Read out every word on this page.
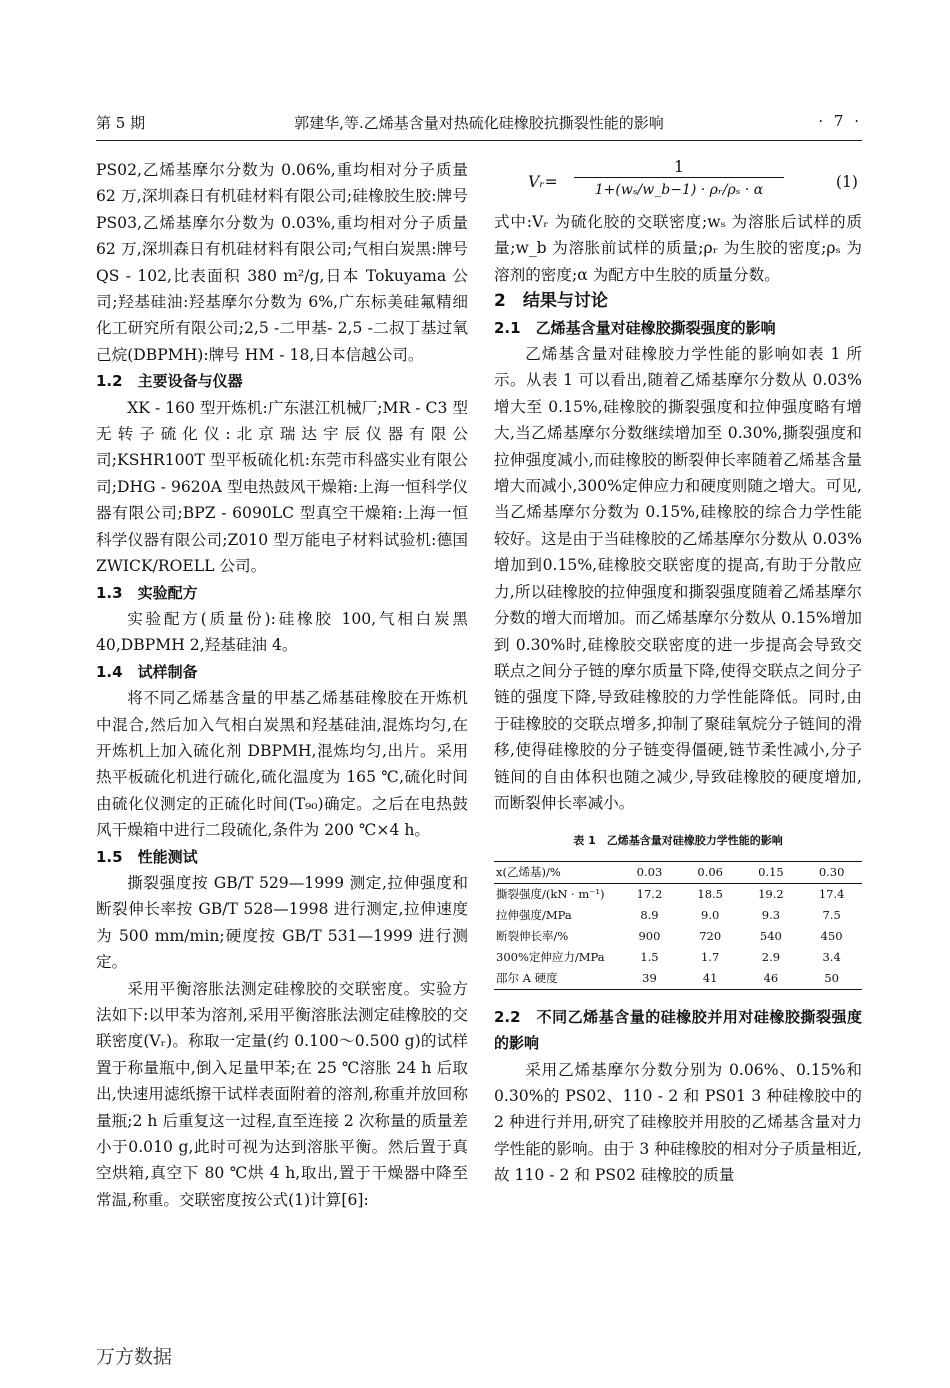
第 5 期	郭建华,等.乙烯基含量对热硫化硅橡胶抗撕裂性能的影响	· 7 ·

PS02,乙烯基摩尔分数为 0.06%,重均相对分子质量 62 万,深圳森日有机硅材料有限公司;硅橡胶生胶:牌号 PS03,乙烯基摩尔分数为 0.03%,重均相对分子质量 62 万,深圳森日有机硅材料有限公司;气相白炭黑:牌号 QS - 102,比表面积 380 m²/g,日本 Tokuyama 公司;羟基硅油:羟基摩尔分数为 6%,广东标美硅氟精细化工研究所有限公司;2,5 -二甲基- 2,5 -二叔丁基过氧己烷(DBPMH):牌号 HM - 18,日本信越公司。

1.2　主要设备与仪器

XK - 160 型开炼机:广东湛江机械厂;MR - C3 型无转子硫化仪:北京瑞达宇辰仪器有限公司;KSHR100T 型平板硫化机:东莞市科盛实业有限公司;DHG - 9620A 型电热鼓风干燥箱:上海一恒科学仪器有限公司;BPZ - 6090LC 型真空干燥箱:上海一恒科学仪器有限公司;Z010 型万能电子材料试验机:德国 ZWICK/ROELL 公司。

1.3　实验配方

实验配方(质量份):硅橡胶 100,气相白炭黑 40,DBPMH 2,羟基硅油 4。

1.4　试样制备

将不同乙烯基含量的甲基乙烯基硅橡胶在开炼机中混合,然后加入气相白炭黑和羟基硅油,混炼均匀,在开炼机上加入硫化剂 DBPMH,混炼均匀,出片。采用热平板硫化机进行硫化,硫化温度为 165 ℃,硫化时间由硫化仪测定的正硫化时间(T₉₀)确定。之后在电热鼓风干燥箱中进行二段硫化,条件为 200 ℃×4 h。

1.5　性能测试

撕裂强度按 GB/T 529—1999 测定,拉伸强度和断裂伸长率按 GB/T 528—1998 进行测定,拉伸速度为 500 mm/min;硬度按 GB/T 531—1999 进行测定。

采用平衡溶胀法测定硅橡胶的交联密度。实验方法如下:以甲苯为溶剂,采用平衡溶胀法测定硅橡胶的交联密度(Vᵣ)。称取一定量(约 0.100～0.500 g)的试样置于称量瓶中,倒入足量甲苯;在 25 ℃溶胀 24 h 后取出,快速用滤纸擦干试样表面附着的溶剂,称重并放回称量瓶;2 h 后重复这一过程,直至连接 2 次称量的质量差小于0.010 g,此时可视为达到溶胀平衡。然后置于真空烘箱,真空下 80 ℃烘 4 h,取出,置于干燥器中降至常温,称重。交联密度按公式(1)计算[6]:

Vᵣ= $\frac{1}{\text{1+(wₛ/w\_b−1) · ρᵣ/ρₛ · α}}$	(1)

式中:Vᵣ 为硫化胶的交联密度;wₛ 为溶胀后试样的质量;w_b 为溶胀前试样的质量;ρᵣ 为生胶的密度;ρₛ 为溶剂的密度;α 为配方中生胶的质量分数。

2　结果与讨论

2.1　乙烯基含量对硅橡胶撕裂强度的影响

乙烯基含量对硅橡胶力学性能的影响如表 1 所示。从表 1 可以看出,随着乙烯基摩尔分数从 0.03%增大至 0.15%,硅橡胶的撕裂强度和拉伸强度略有增大,当乙烯基摩尔分数继续增加至 0.30%,撕裂强度和拉伸强度减小,而硅橡胶的断裂伸长率随着乙烯基含量增大而减小,300%定伸应力和硬度则随之增大。可见,当乙烯基摩尔分数为 0.15%,硅橡胶的综合力学性能较好。这是由于当硅橡胶的乙烯基摩尔分数从 0.03%增加到0.15%,硅橡胶交联密度的提高,有助于分散应力,所以硅橡胶的拉伸强度和撕裂强度随着乙烯基摩尔分数的增大而增加。而乙烯基摩尔分数从 0.15%增加到 0.30%时,硅橡胶交联密度的进一步提高会导致交联点之间分子链的摩尔质量下降,使得交联点之间分子链的强度下降,导致硅橡胶的力学性能降低。同时,由于硅橡胶的交联点增多,抑制了聚硅氧烷分子链间的滑移,使得硅橡胶的分子链变得僵硬,链节柔性减小,分子链间的自由体积也随之减少,导致硅橡胶的硬度增加,而断裂伸长率减小。

表 1　乙烯基含量对硅橡胶力学性能的影响
x(乙烯基)/%	0.03	0.06	0.15	0.30
撕裂强度/(kN · m⁻¹)	17.2	18.5	19.2	17.4
拉伸强度/MPa	8.9	9.0	9.3	7.5
断裂伸长率/%	900	720	540	450
300%定伸应力/MPa	1.5	1.7	2.9	3.4
邵尔 A 硬度	39	41	46	50

2.2　不同乙烯基含量的硅橡胶并用对硅橡胶撕裂强度的影响

采用乙烯基摩尔分数分别为 0.06%、0.15%和 0.30%的 PS02、110 - 2 和 PS01 3 种硅橡胶中的 2 种进行并用,研究了硅橡胶并用胶的乙烯基含量对力学性能的影响。由于 3 种硅橡胶的相对分子质量相近,故 110 - 2 和 PS02 硅橡胶的质量

万方数据
